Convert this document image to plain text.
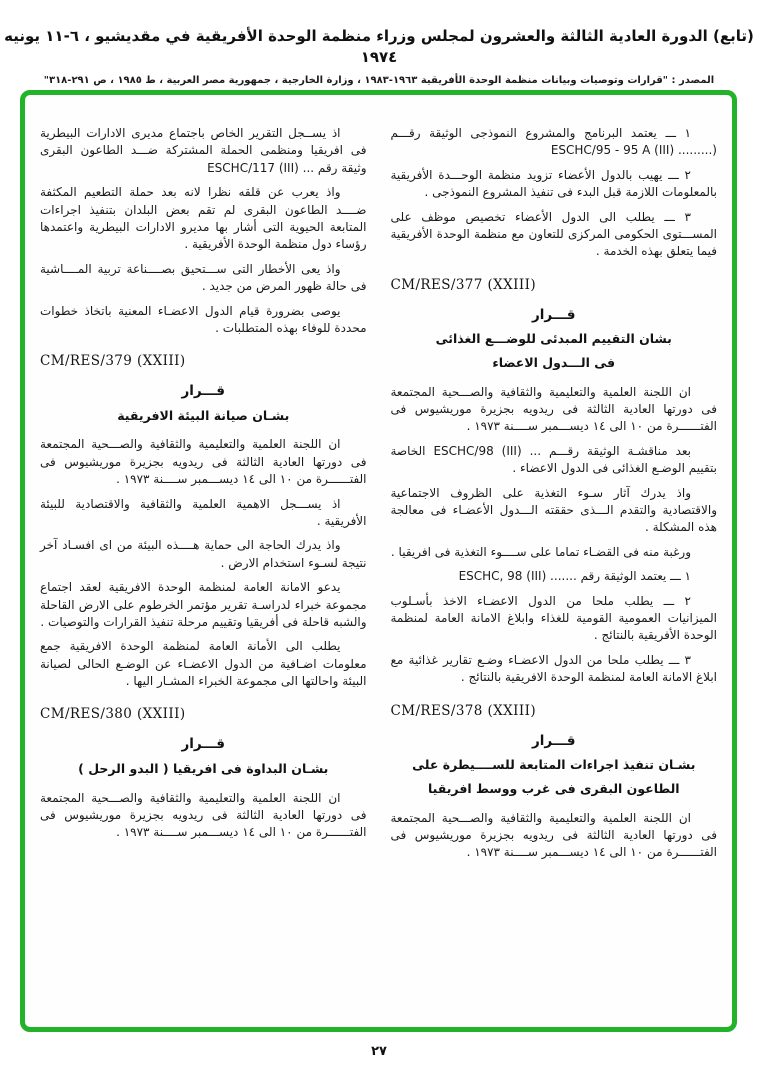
(تابع) الدورة العادية الثالثة والعشرون لمجلس وزراء منظمة الوحدة الأفريقية في مقديشيو ، ٦-١١ يونيه ١٩٧٤
المصدر : "قرارات وتوصيات وبيانات منظمة الوحدة الأفريقية ١٩٦٣-١٩٨٣ ، وزارة الخارجية ، جمهورية مصر العربية ، ط ١٩٨٥ ، ص ٢٩١-٣١٨"
١ ـــ يعتمد البرنامج والمشروع النموذجى الوثيقة رقـــم (......... (ESCHC/95 - 95 A (III
٢ ـــ يهيب بالدول الأعضاء تزويد منظمة الوحـــدة الأفريقية بالمعلومات اللازمة قبل البدء فى تنفيذ المشروع النموذجى .
٣ ـــ يطلب الى الدول الأعضاء تخصيص موظف على المســـتوى الحكومى المركزى للتعاون مع منظمة الوحدة الأفريقية فيما يتعلق بهذه الخدمة .
CM/RES/377 (XXIII)
قـــرار
بشان التقييم المبدئى للوضـــع الغذائى
فى الـــدول الاعضاء
ان اللجنة العلمية والتعليمية والثقافية والصـــحية المجتمعة فى دورتها العادية الثالثة فى ريدويه بجزيرة موريشيوس فى الفتــــــرة من ١٠ الى ١٤ ديســـمبر ســــنة ١٩٧٣ .
بعد مناقشـة الوثيقة رقـــم ... (ESCHC/98 (III الخاصة بتقييم الوضـع الغذائى فى الدول الاعضاء .
واذ يدرك آثار سـوء التغذية على الظروف الاجتماعية والاقتصادية والتقدم الـــذى حققته الـــدول الأعضـاء فى معالجة هذه المشكلة .
ورغبة منه فى القضـاء تماما على ســــوء التغذية فى افريقيا .
١ ـــ يعتمد الوثيقة رقم ....... (ESCHC, 98 (III
٢ ـــ يطلب ملحا من الدول الاعضـاء الاخذ بأسـلوب الميزانيات العمومية القومية للغذاء وابلاغ الامانة العامة لمنظمة الوحدة الأفريقية بالنتائج .
٣ ـــ يطلب ملحا من الدول الاعضـاء وضـع تقارير غذائية مع ابلاغ الامانة العامة لمنظمة الوحدة الافريقية بالنتائج .
CM/RES/378 (XXIII)
قـــرار
بشـان تنفيذ اجراءات المتابعة للســــيطرة على
الطاعون البقرى فى غرب ووسط افريقيا
ان اللجنة العلمية والتعليمية والثقافية والصـــحية المجتمعة فى دورتها العادية الثالثة فى ريدويه بجزيرة موريشيوس فى الفتــــــرة من ١٠ الى ١٤ ديســـمبر ســــنة ١٩٧٣ .
اذ يســجل التقرير الخاص باجتماع مديرى الادارات البيطرية فى افريقيا ومنظمى الحملة المشتركة ضـــد الطاعون البقرى وثيقة رقم ... (ESCHC/117 (III
واذ يعرب عن قلقه نظرا لانه بعد حملة التطعيم المكثفة ضــــد الطاعون البقرى لم تقم بعض البلدان بتنفيذ اجراءات المتابعة الحيوية التى أشار بها مديرو الادارات البيطرية واعتمدها رؤساء دول منظمة الوحدة الأفريقية .
واذ يعى الأخطار التى ســـتحيق بصــــناعة تربية المــــاشية فى حالة ظهور المرض من جديد .
يوصى بضرورة قيام الدول الاعضـاء المعنية باتخاذ خطوات محددة للوفاء بهذه المتطلبات .
CM/RES/379 (XXIII)
قـــرار
بشـان صيانة البيئة الافريقية
ان اللجنة العلمية والتعليمية والثقافية والصـــحية المجتمعة فى دورتها العادية الثالثة فى ريدويه بجزيرة موريشيوس فى الفتــــــرة من ١٠ الى ١٤ ديســـمبر ســــنة ١٩٧٣ .
اذ يســـجل الاهمية العلمية والثقافية والاقتصادية للبيئة الأفريقية .
واذ يدرك الحاجة الى حماية هــــذه البيئة من اى افسـاد آخر نتيجة لسـوء استخدام الارض .
يدعو الامانة العامة لمنظمة الوحدة الافريقية لعقد اجتماع مجموعة خبراء لدراسـة تقرير مؤتمر الخرطوم على الارض القاحلة والشبه قاحلة فى أفريقيا وتقييم مرحلة تنفيذ القرارات والتوصيات .
يطلب الى الأمانة العامة لمنظمة الوحدة الافريقية جمع معلومات اضـافية من الدول الاعضـاء عن الوضـع الحالى لصيانة البيئة واحالتها الى مجموعة الخبراء المشـار اليها .
CM/RES/380 (XXIII)
قـــرار
بشـان البداوة فى افريقيا ( البدو الرحل )
ان اللجنة العلمية والتعليمية والثقافية والصـــحية المجتمعة فى دورتها العادية الثالثة فى ريدويه بجزيرة موريشيوس فى الفتــــــرة من ١٠ الى ١٤ ديســـمبر ســــنة ١٩٧٣ .
٢٧
